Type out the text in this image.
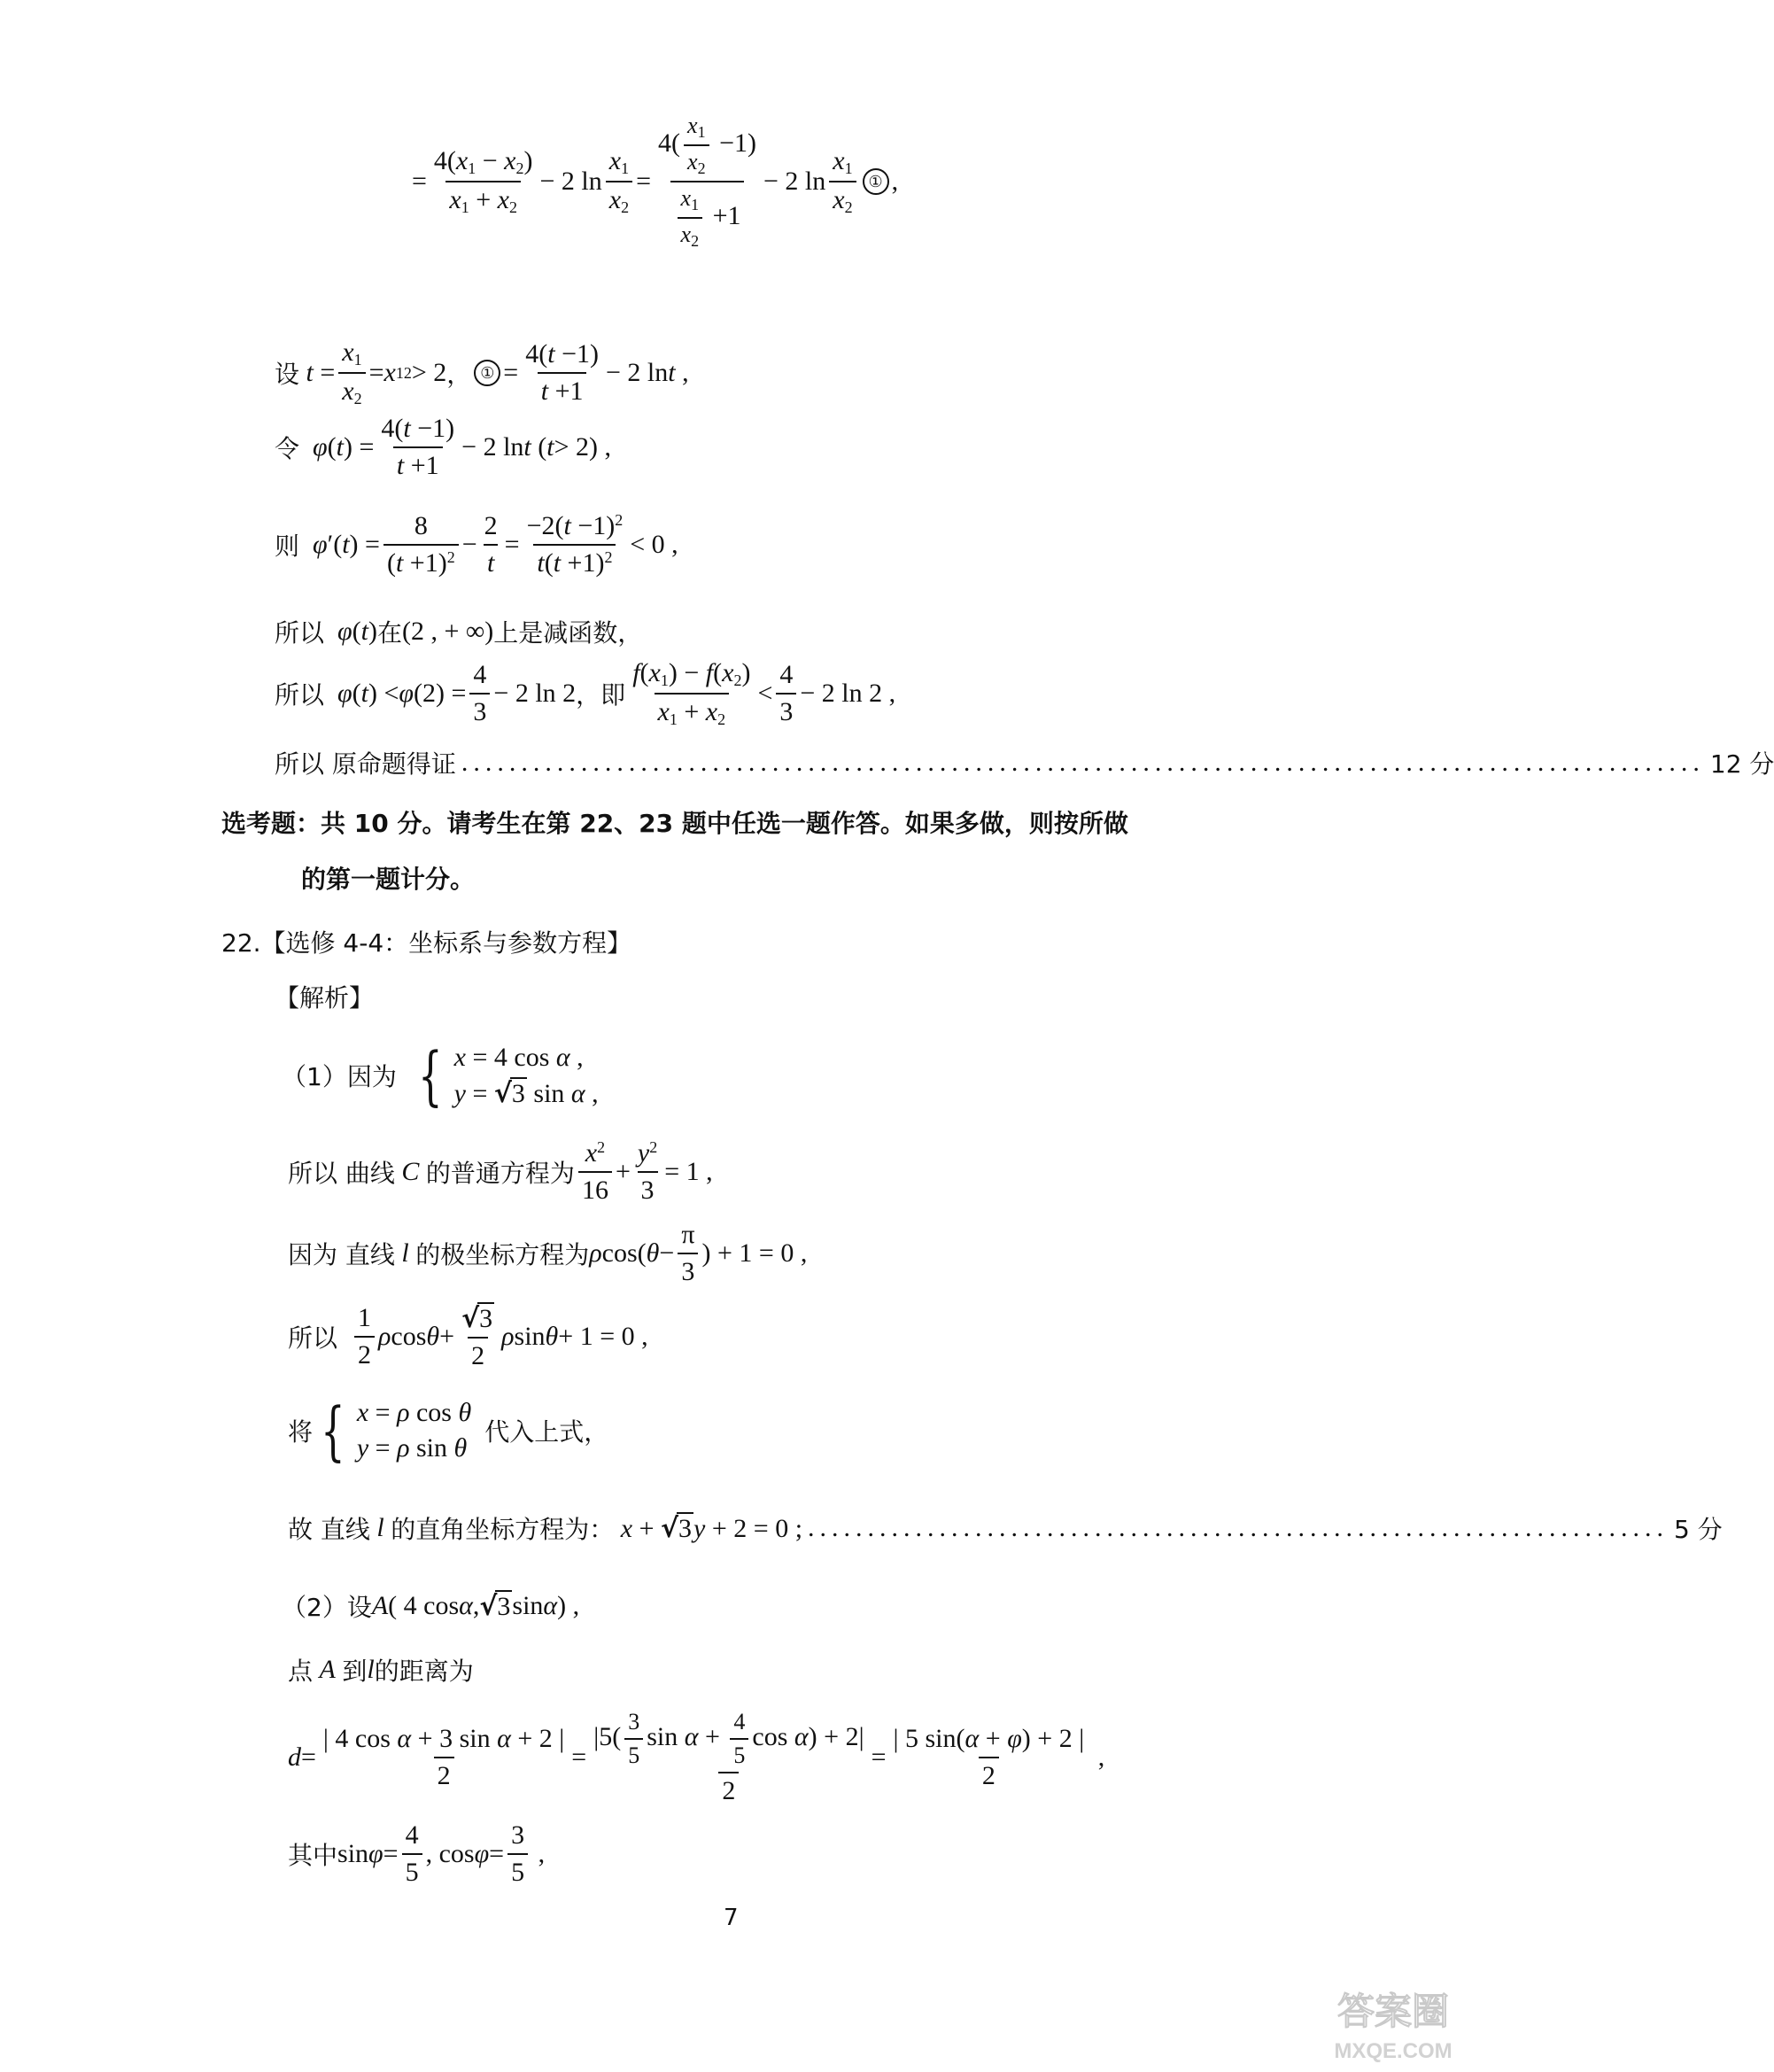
= $\frac{4(x_1 - x_2)}{x_1 + x_2} - 2$ $\ln \frac{x_1}{x_2} = \frac{4( \frac{x_1}{x_2} -1)}{\frac{x_1}{x_2} +1} - 2$ $\ln \frac{x_1}{x_2}$ ① ,
设 $t = \frac{x_1}{x_2} = x$ 1 2 > 2 ， ① = $\frac{4(t -1)}{t +1} - 2$ ln t ,
令
φ ( t ) = $\frac{4(t -1)}{t +1} - 2$ ln t ( t > 2) ,
则
φ ′( t ) = $\frac{8}{(t +1)^2} - \frac{2}{t} = \frac{-2(t -1)^2}{t(t +1)^2} < 0$ ,
所以
φ ( t ) 在 (2 , + ∞) 上是减函数，
所以
φ ( t ) < φ $(2) = \frac{4}{3} - 2$ ln 2 ，即 $\frac{f(x_1) - f(x_2)}{x_1 + x_2} < \frac{4}{3} - 2$ ln 2 ,
所以 原命题得证 ........................................................................................................ 12 分
选考题：共 10 分。请考生在第 22、23 题中任选一题作答。如果多做，则按所做
的第一题计分。
22.【选修 4-4：坐标系与参数方程】
【解析】
（1）因为
{ x = 4 cos α ,
y = √3 sin α ,
所以 曲线
C
的普通方程为 $\frac{x^2}{16} + \frac{y^2}{3} = 1$ ,
因为 直线
l
的极坐标方程为 ρ cos( $\theta - \frac{\pi}{3}$ ) + 1 = 0 ,
所以
$\frac{1}{2}$ ρ $\cos \theta + \frac{√3}{2}$ ρ sin θ + 1 = 0 ,
将 { x = ρ cos θ
y = ρ sin θ

代入上式，
故 直线 l 的直角坐标方程为： x + √3y + 2 = 0 ; ........................................................................ 5 分
（2）设 A ( 4 cos α , √ 3 sin α ) ,
点 A 到 l 的距离为
$d = \frac{\text{| 4 cos α + 3 sin α + 2 |}}{2} = \frac{|5( \frac{3}{5} \sin \alpha + \frac{4}{5} \cos \alpha) + 2|}{2} = \frac{| 5 \sin(\alpha + \varphi) + 2 |}{2}$ ,
其中 $\sin \varphi = \frac{4}{5}$ , $\cos \varphi = \frac{3}{5}$ ,
7
答案圈
MXQE.COM
